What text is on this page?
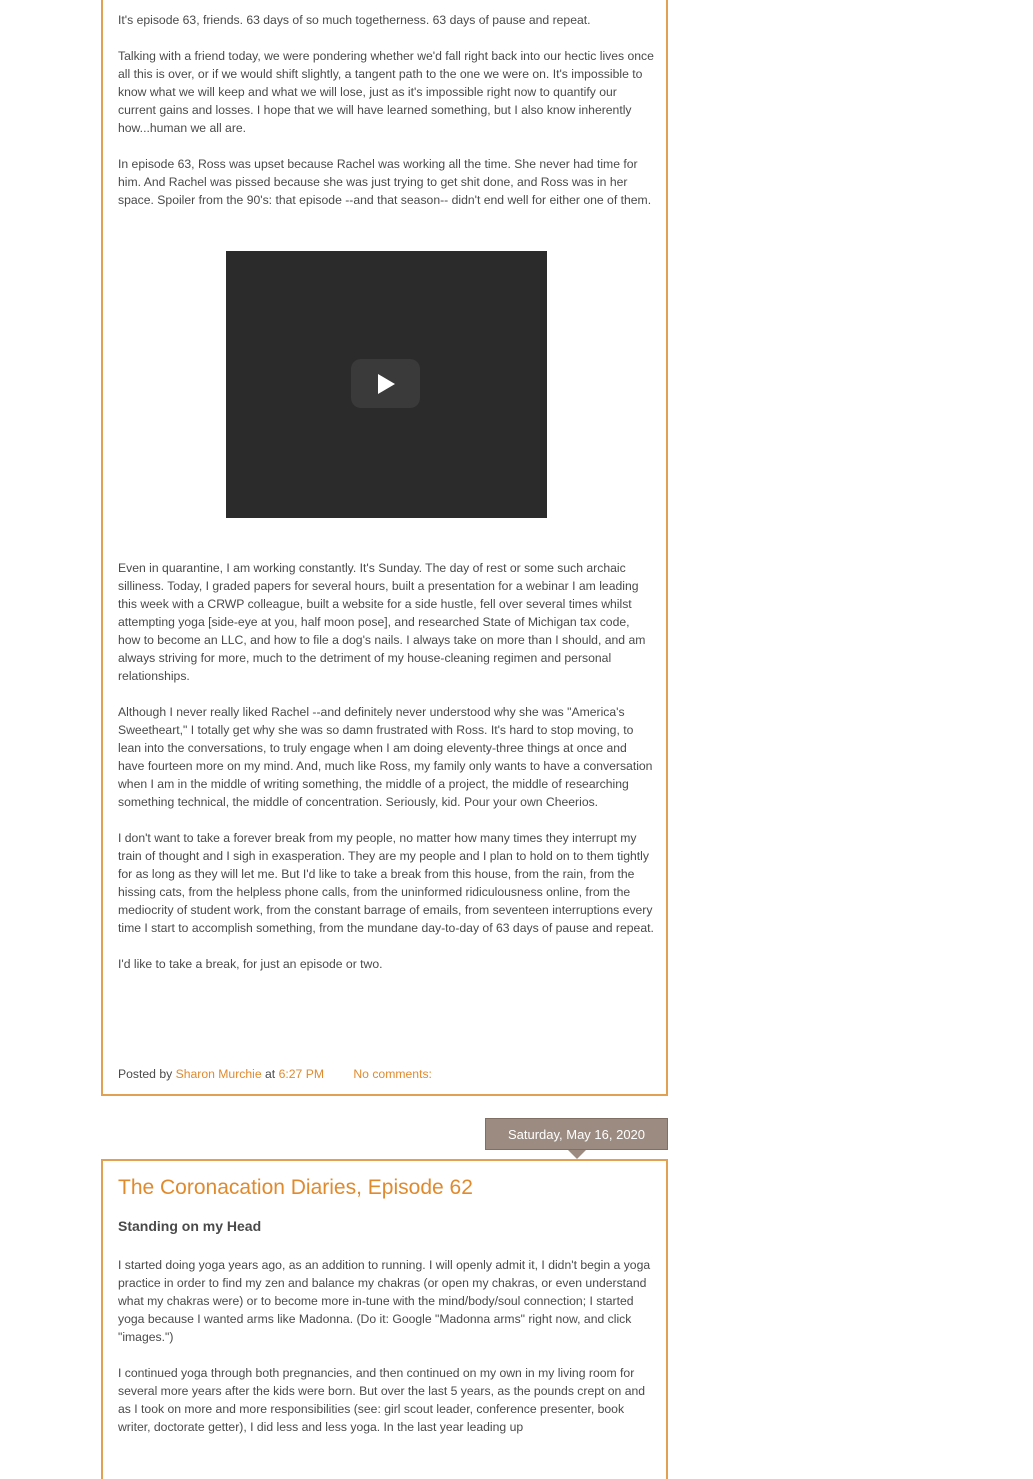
It's episode 63, friends. 63 days of so much togetherness. 63 days of pause and repeat.

Talking with a friend today, we were pondering whether we'd fall right back into our hectic lives once all this is over, or if we would shift slightly, a tangent path to the one we were on. It's impossible to know what we will keep and what we will lose, just as it's impossible right now to quantify our current gains and losses. I hope that we will have learned something, but I also know inherently how...human we all are.

In episode 63, Ross was upset because Rachel was working all the time. She never had time for him. And Rachel was pissed because she was just trying to get shit done, and Ross was in her space. Spoiler from the 90's: that episode --and that season-- didn't end well for either one of them.

Even in quarantine, I am working constantly. It's Sunday. The day of rest or some such archaic silliness. Today, I graded papers for several hours, built a presentation for a webinar I am leading this week with a CRWP colleague, built a website for a side hustle, fell over several times whilst attempting yoga [side-eye at you, half moon pose], and researched State of Michigan tax code, how to become an LLC, and how to file a dog's nails. I always take on more than I should, and am always striving for more, much to the detriment of my house-cleaning regimen and personal relationships.

Although I never really liked Rachel --and definitely never understood why she was "America's Sweetheart," I totally get why she was so damn frustrated with Ross. It's hard to stop moving, to lean into the conversations, to truly engage when I am doing eleventy-three things at once and have fourteen more on my mind. And, much like Ross, my family only wants to have a conversation when I am in the middle of writing something, the middle of a project, the middle of researching something technical, the middle of concentration. Seriously, kid. Pour your own Cheerios.

I don't want to take a forever break from my people, no matter how many times they interrupt my train of thought and I sigh in exasperation. They are my people and I plan to hold on to them tightly for as long as they will let me. But I'd like to take a break from this house, from the rain, from the hissing cats, from the helpless phone calls, from the uninformed ridiculousness online, from the mediocrity of student work, from the constant barrage of emails, from seventeen interruptions every time I start to accomplish something, from the mundane day-to-day of 63 days of pause and repeat.

I'd like to take a break, for just an episode or two.

Posted by Sharon Murchie at 6:27 PM No comments:
Saturday, May 16, 2020
The Coronacation Diaries, Episode 62
Standing on my Head

I started doing yoga years ago, as an addition to running. I will openly admit it, I didn't begin a yoga practice in order to find my zen and balance my chakras (or open my chakras, or even understand what my chakras were) or to become more in-tune with the mind/body/soul connection; I started yoga because I wanted arms like Madonna. (Do it: Google "Madonna arms" right now, and click "images.")

I continued yoga through both pregnancies, and then continued on my own in my living room for several more years after the kids were born. But over the last 5 years, as the pounds crept on and as I took on more and more responsibilities (see: girl scout leader, conference presenter, book writer, doctorate getter), I did less and less yoga. In the last year leading up
